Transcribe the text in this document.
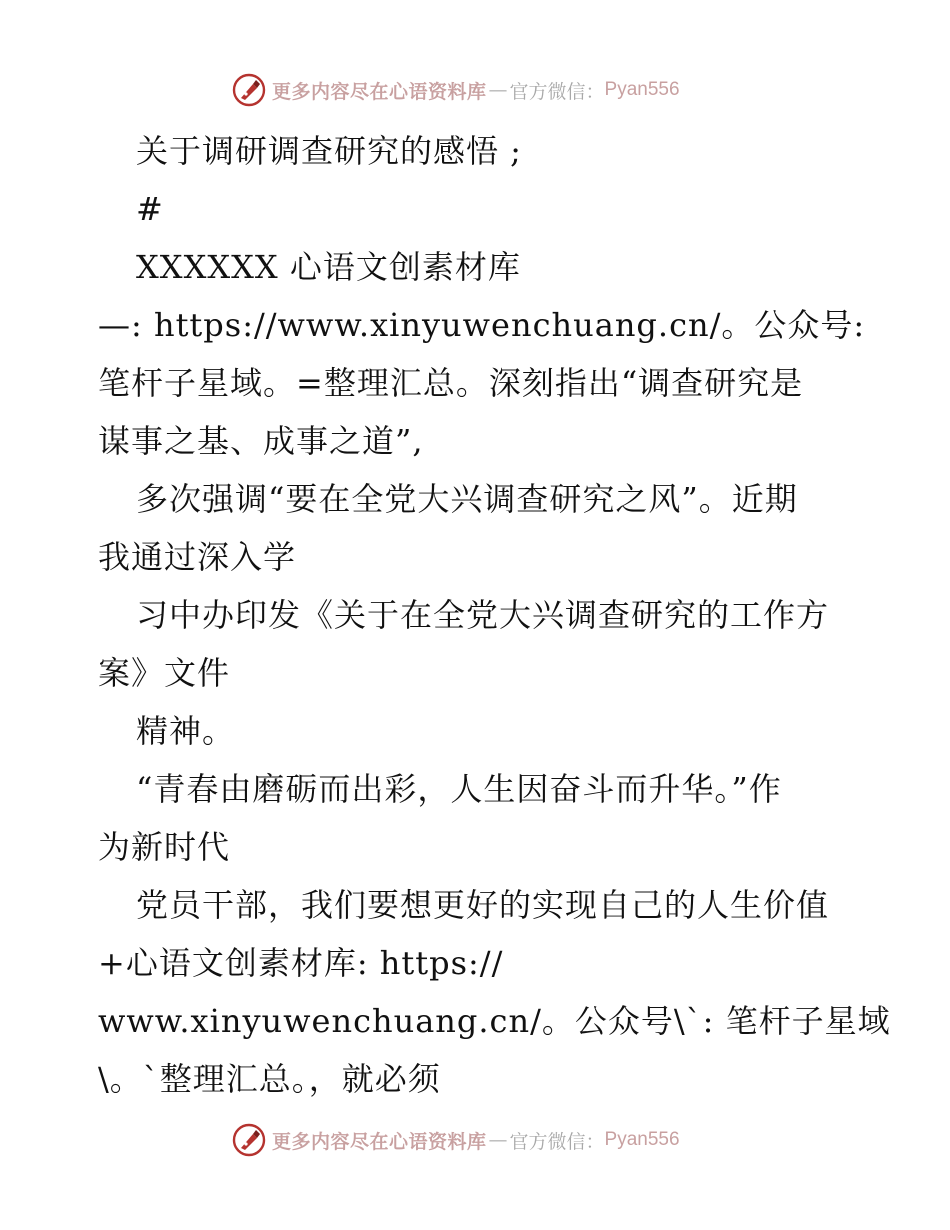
更多内容尽在心语资料库 — 官方微信： Pyan556
关于调研调查研究的感悟 ;
#
XXXXXX 心语文创素材库
—: https://www.xinyuwenchuang.cn/。公众号:
笔杆子星域。=整理汇总。深刻指出“调查研究是
谋事之基、成事之道”,
多次强调“要在全党大兴调查研究之风”。近期
我通过深入学
习中办印发《关于在全党大兴调查研究的工作方
案》文件
精神。
“青春由磨砺而出彩，人生因奋斗而升华。”作
为新时代
党员干部，我们要想更好的实现自己的人生价值
+心语文创素材库: https://
www.xinyuwenchuang.cn/。公众号\`: 笔杆子星域
\。`整理汇总。，就必须
更多内容尽在心语资料库 — 官方微信： Pyan556
